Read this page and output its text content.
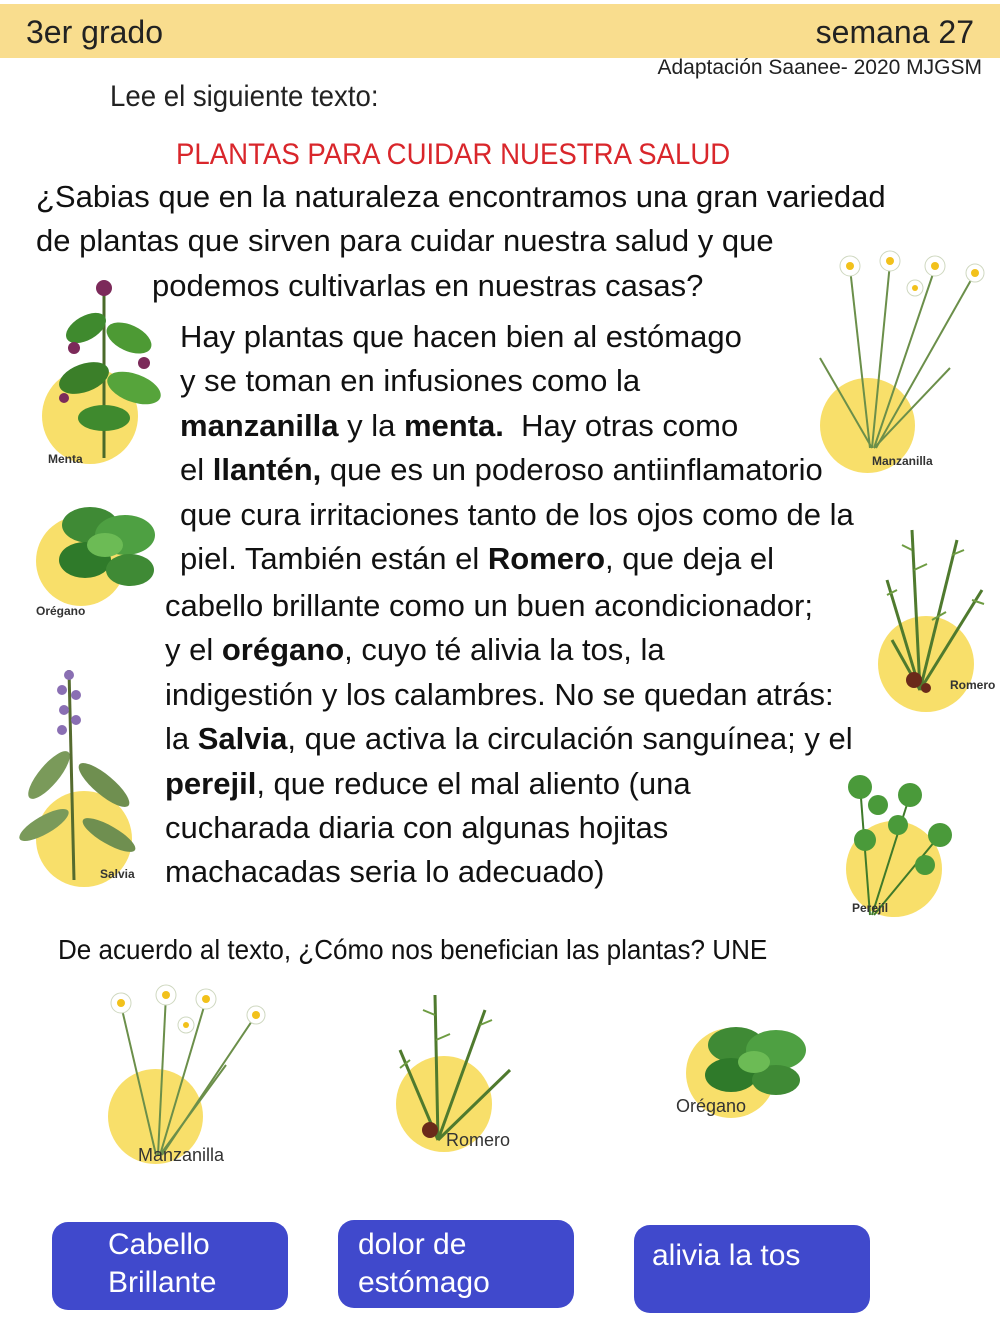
3er grado	semana 27
Adaptación Saanee- 2020 MJGSM
Lee el siguiente texto:
PLANTAS PARA CUIDAR NUESTRA SALUD
¿Sabias que en la naturaleza encontramos una gran variedad
de plantas que sirven para cuidar nuestra salud y que
podemos cultivarlas en nuestras casas?
Hay plantas que hacen bien al estómago
y se toman en infusiones como la
manzanilla y la menta.  Hay otras como
el llantén, que es un poderoso antiinflamatorio
que cura irritaciones tanto de los ojos como de la
piel. También están el Romero, que deja el
cabello brillante como un buen acondicionador;
y el orégano, cuyo té alivia la tos, la
indigestión y los calambres. No se quedan atrás:
la Salvia, que activa la circulación sanguínea; y el
perejil, que reduce el mal aliento (una
cucharada diaria con algunas hojitas
machacadas seria lo adecuado)
Menta	Manzanilla
Orégano
Romero
Salvia
Perejil
De acuerdo al texto, ¿Cómo nos benefician las plantas? UNE
Manzanilla
Romero
Orégano
Cabello
Brillante
dolor de
estómago
alivia la tos
